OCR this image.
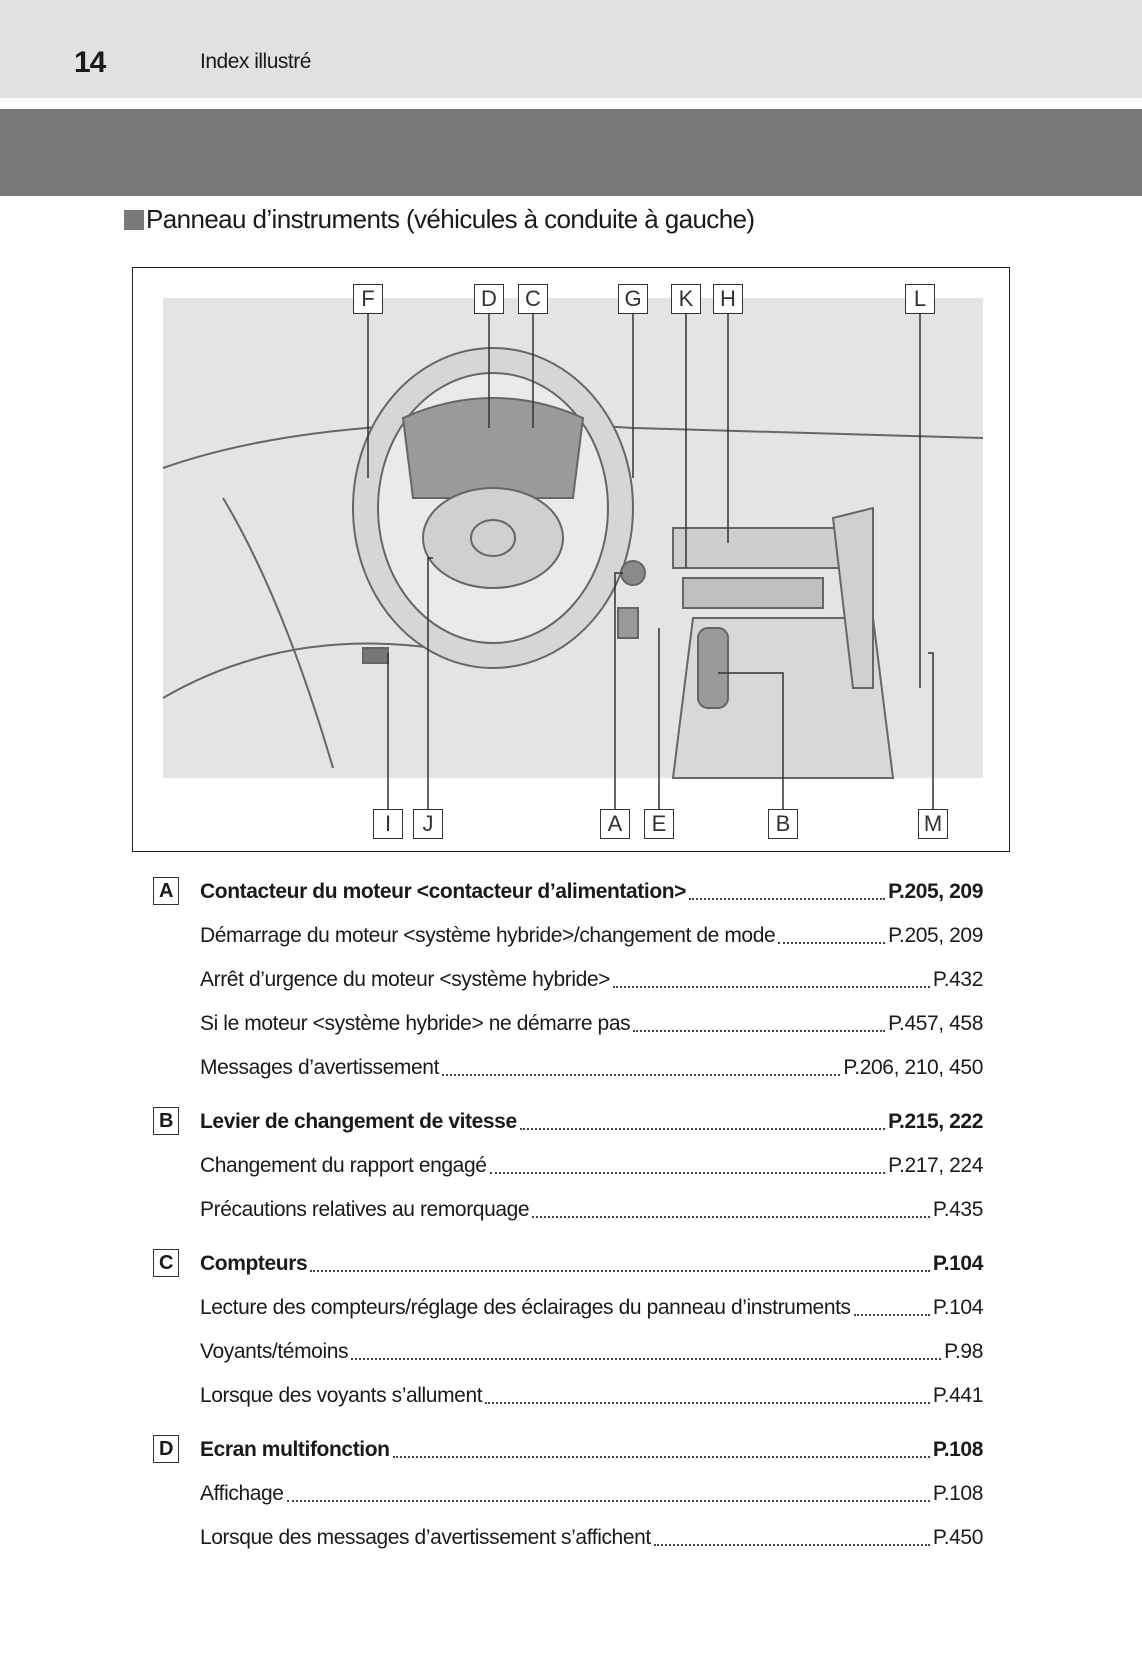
14	Index illustré
Panneau d’instruments (véhicules à conduite à gauche)
F	D	C	G	K	H	L
I	J	A	E	B	M
A Contacteur du moteur <contacteur d’alimentation>	P.205, 209
Démarrage du moteur <système hybride>/changement de mode	P.205, 209
Arrêt d’urgence du moteur <système hybride>	P.432
Si le moteur <système hybride> ne démarre pas	P.457, 458
Messages d’avertissement	P.206, 210, 450
B Levier de changement de vitesse	P.215, 222
Changement du rapport engagé	P.217, 224
Précautions relatives au remorquage	P.435
C Compteurs	P.104
Lecture des compteurs/réglage des éclairages du panneau d’instruments	P.104
Voyants/témoins	P.98
Lorsque des voyants s’allument	P.441
D Ecran multifonction	P.108
Affichage	P.108
Lorsque des messages d’avertissement s’affichent	P.450
